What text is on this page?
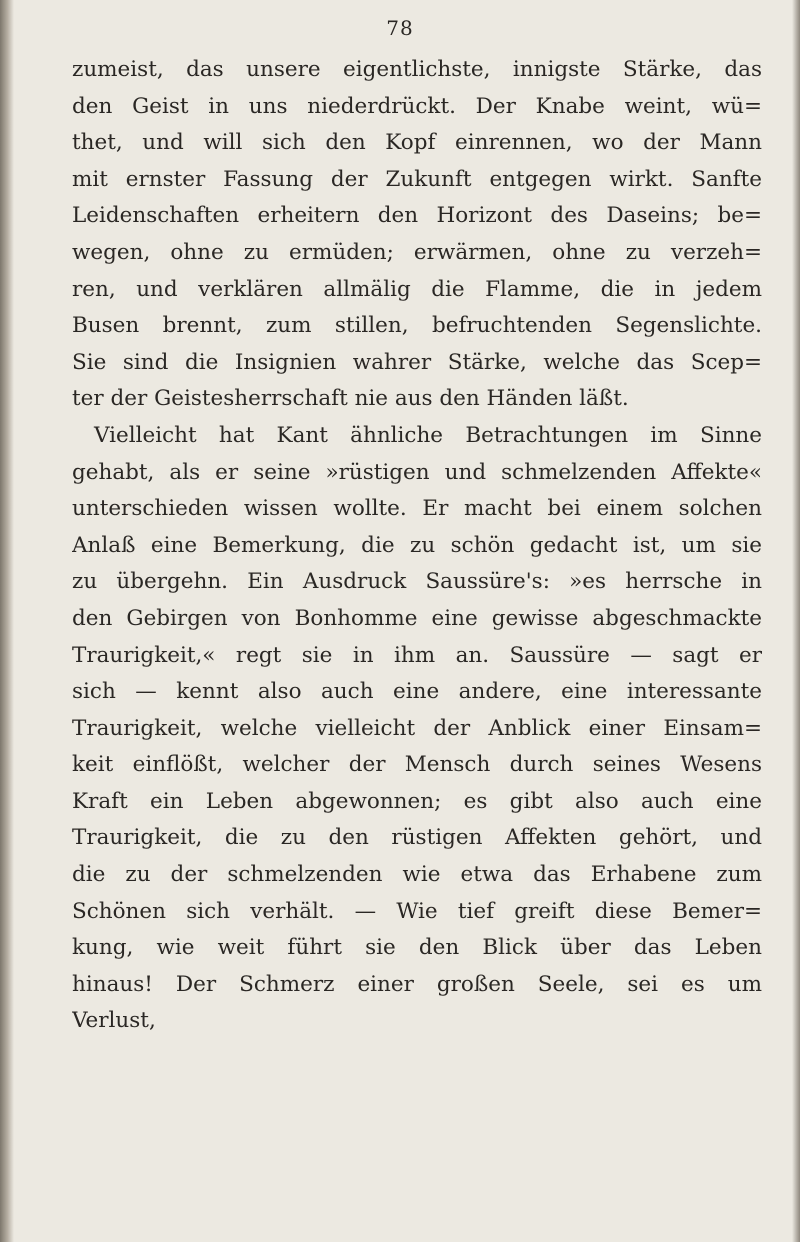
78
zumeist, das unsere eigentlichste, innigste Stärke, das
den Geist in uns niederdrückt. Der Knabe weint, wü=
thet, und will sich den Kopf einrennen, wo der Mann
mit ernster Fassung der Zukunft entgegen wirkt. Sanfte
Leidenschaften erheitern den Horizont des Daseins; be=
wegen, ohne zu ermüden; erwärmen, ohne zu verzeh=
ren, und verklären allmälig die Flamme, die in jedem
Busen brennt, zum stillen, befruchtenden Segenslichte.
Sie sind die Insignien wahrer Stärke, welche das Scep=
ter der Geistesherrschaft nie aus den Händen läßt.
Vielleicht hat Kant ähnliche Betrachtungen im Sinne
gehabt, als er seine »rüstigen und schmelzenden Affekte«
unterschieden wissen wollte. Er macht bei einem solchen
Anlaß eine Bemerkung, die zu schön gedacht ist, um sie
zu übergehn. Ein Ausdruck Saussüre's: »es herrsche in
den Gebirgen von Bonhomme eine gewisse abgeschmackte
Traurigkeit,« regt sie in ihm an. Saussüre — sagt er
sich — kennt also auch eine andere, eine interessante
Traurigkeit, welche vielleicht der Anblick einer Einsam=
keit einflößt, welcher der Mensch durch seines Wesens
Kraft ein Leben abgewonnen; es gibt also auch eine
Traurigkeit, die zu den rüstigen Affekten gehört, und
die zu der schmelzenden wie etwa das Erhabene zum
Schönen sich verhält. — Wie tief greift diese Bemer=
kung, wie weit führt sie den Blick über das Leben
hinaus! Der Schmerz einer großen Seele, sei es um
Verlust,
